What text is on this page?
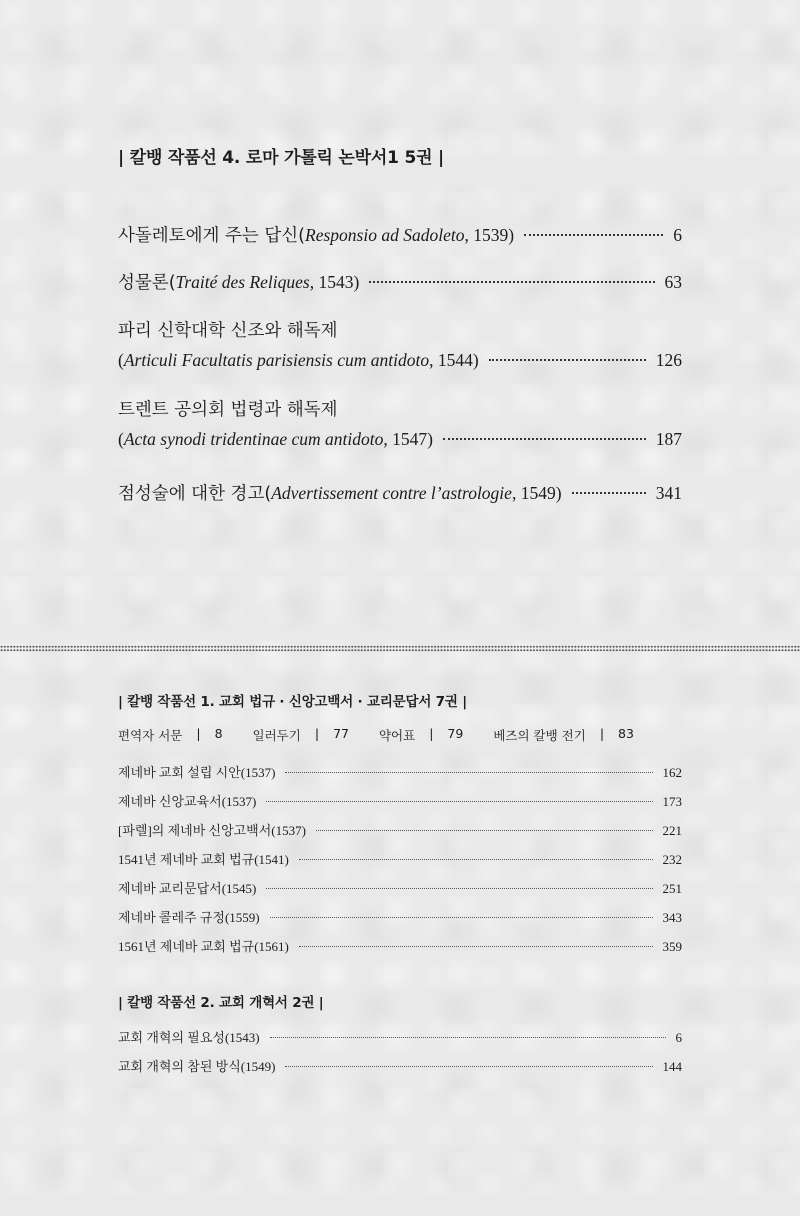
| 칼뱅 작품선 4. 로마 가톨릭 논박서1 5권 |
사돌레토에게 주는 답신( Responsio ad Sadoleto , 1539)	6
성물론( Traité des Reliques , 1543)	63
파리 신학대학 신조와 해독제
( Articuli Facultatis parisiensis cum antidoto , 1544)	126
트렌트 공의회 법령과 해독제
( Acta synodi tridentinae cum antidoto , 1547)	187
점성술에 대한 경고( Advertissement contre l’astrologie , 1549)	341
| 칼뱅 작품선 1. 교회 법규 · 신앙고백서 · 교리문답서 7권 |
편역자 서문 | 8 일러두기 | 77 약어표 | 79 베즈의 칼뱅 전기 | 83
제네바 교회 설립 시안(1537)	162
제네바 신앙교육서(1537)	173
[파렐]의 제네바 신앙고백서(1537)	221
1541년 제네바 교회 법규(1541)	232
제네바 교리문답서(1545)	251
제네바 콜레주 규정(1559)	343
1561년 제네바 교회 법규(1561)	359
| 칼뱅 작품선 2. 교회 개혁서 2권 |
교회 개혁의 필요성(1543)	6
교회 개혁의 참된 방식(1549)	144
